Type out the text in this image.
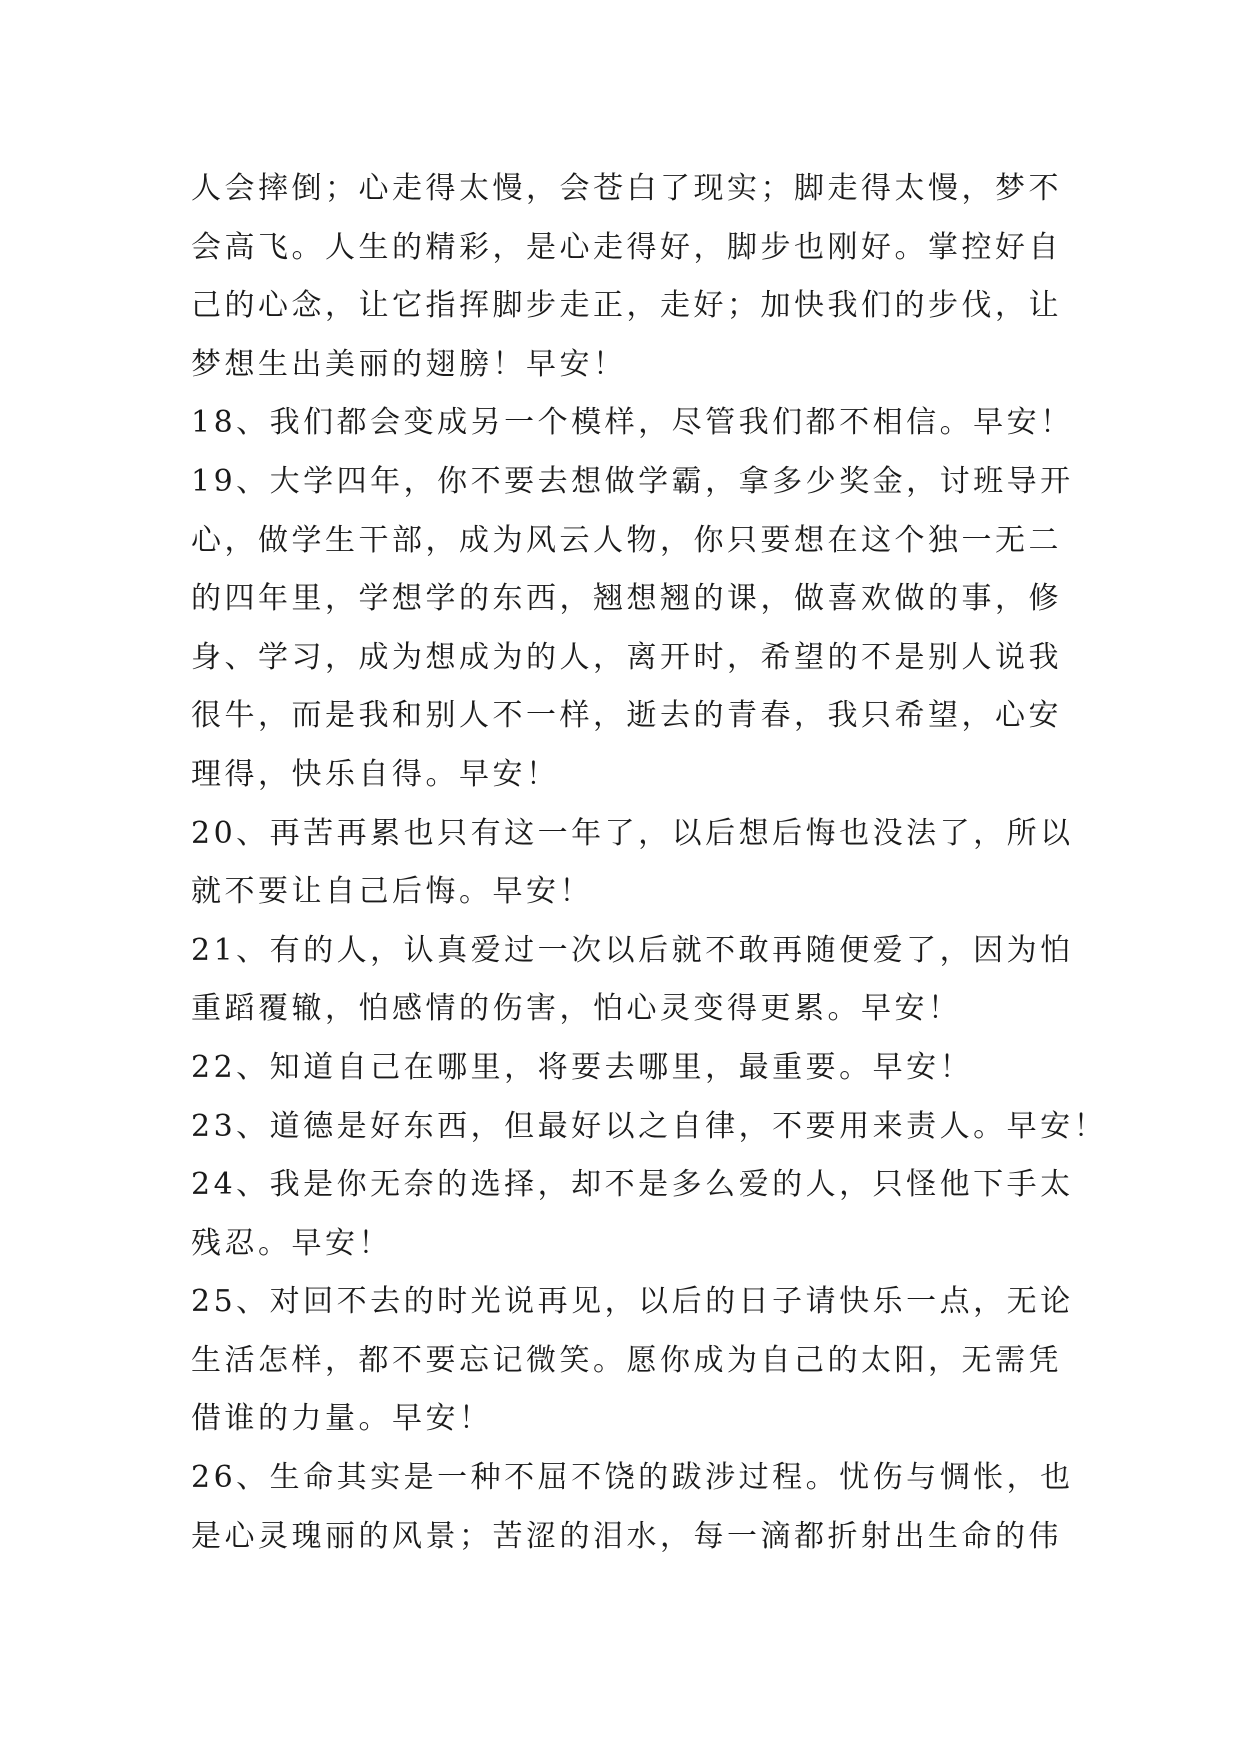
人会摔倒；心走得太慢，会苍白了现实；脚走得太慢，梦不
会高飞。人生的精彩，是心走得好，脚步也刚好。掌控好自
己的心念，让它指挥脚步走正，走好；加快我们的步伐，让
梦想生出美丽的翅膀！早安！
18、我们都会变成另一个模样，尽管我们都不相信。早安！
19、大学四年，你不要去想做学霸，拿多少奖金，讨班导开
心，做学生干部，成为风云人物，你只要想在这个独一无二
的四年里，学想学的东西，翘想翘的课，做喜欢做的事，修
身、学习，成为想成为的人，离开时，希望的不是别人说我
很牛，而是我和别人不一样，逝去的青春，我只希望，心安
理得，快乐自得。早安！
20、再苦再累也只有这一年了，以后想后悔也没法了，所以
就不要让自己后悔。早安！
21、有的人，认真爱过一次以后就不敢再随便爱了，因为怕
重蹈覆辙，怕感情的伤害，怕心灵变得更累。早安！
22、知道自己在哪里，将要去哪里，最重要。早安！
23、道德是好东西，但最好以之自律，不要用来责人。早安！
24、我是你无奈的选择，却不是多么爱的人，只怪他下手太
残忍。早安！
25、对回不去的时光说再见，以后的日子请快乐一点，无论
生活怎样，都不要忘记微笑。愿你成为自己的太阳，无需凭
借谁的力量。早安！
26、生命其实是一种不屈不饶的跋涉过程。忧伤与惆怅，也
是心灵瑰丽的风景；苦涩的泪水，每一滴都折射出生命的伟
